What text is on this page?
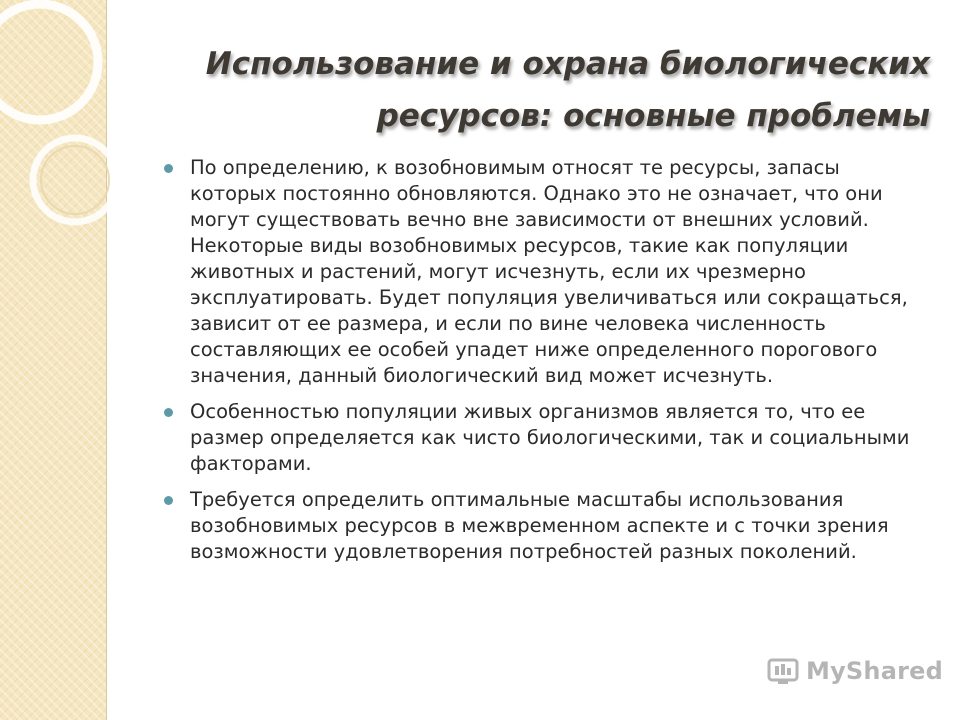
Использование и охрана биологических
ресурсов: основные проблемы
По определению, к возобновимым относят те ресурсы, запасы которых постоянно обновляются. Однако это не означает, что они могут существовать вечно вне зависимости от внешних условий. Некоторые виды возобновимых ресурсов, такие как популяции животных и растений, могут исчезнуть, если их чрезмерно эксплуатировать. Будет популяция увеличиваться или сокращаться, зависит от ее размера, и если по вине человека численность составляющих ее особей упадет ниже определенного порогового значения, данный биологический вид может исчезнуть.
Особенностью популяции живых организмов является то, что ее размер определяется как чисто биологическими, так и социальными факторами.
Требуется определить оптимальные масштабы использования возобновимых ресурсов в межвременном аспекте и с точки зрения возможности удовлетворения потребностей разных поколений.
MyShared
